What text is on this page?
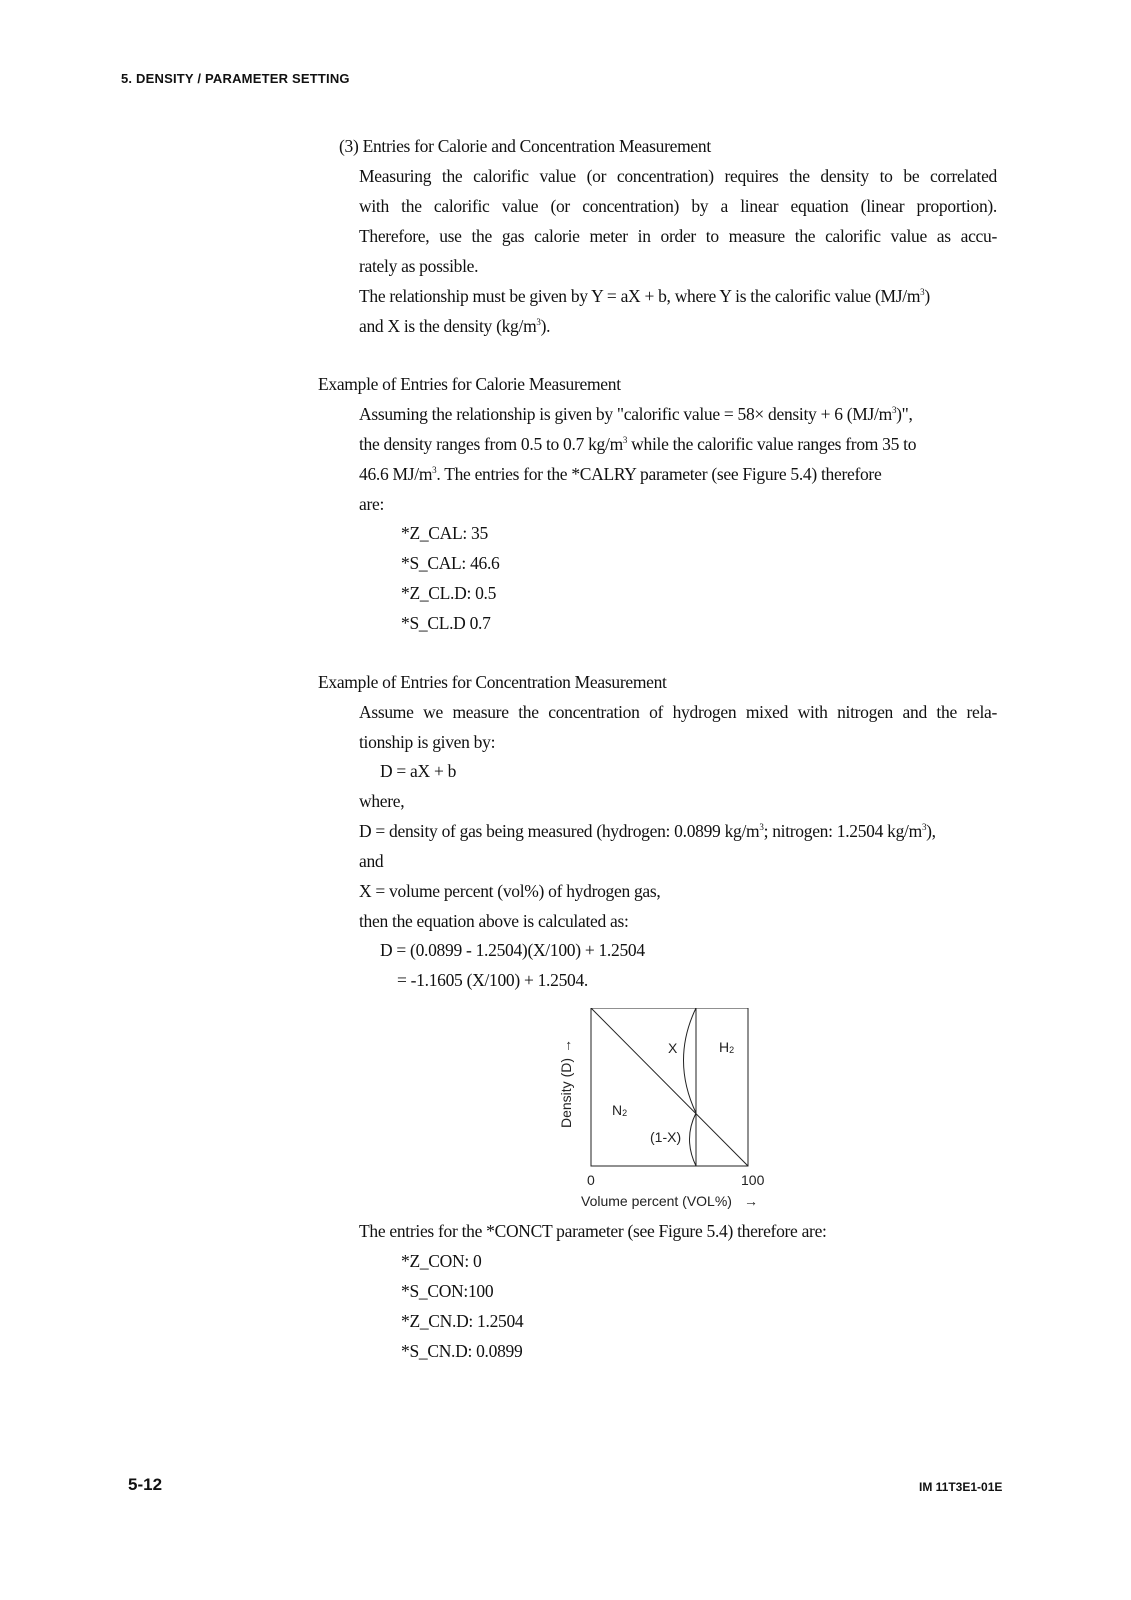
5. DENSITY / PARAMETER SETTING
(3) Entries for Calorie and Concentration Measurement
Measuring the calorific value (or concentration) requires the density to be correlated
with the calorific value (or concentration) by a linear equation (linear proportion).
Therefore, use the gas calorie meter in order to measure the calorific value as accu-
rately as possible.
The relationship must be given by Y = aX + b, where Y is the calorific value $(MJ/m^3)$
and X is the density $(kg/m^3)$.
Example of Entries for Calorie Measurement
Assuming the relationship is given by "calorific value = 58× density + 6 $(MJ/m^3)$",
the density ranges from 0.5 to 0.7 $kg/m^3$ while the calorific value ranges from 35 to
46.6 $MJ/m^3$. The entries for the *CALRY parameter (see Figure 5.4) therefore
are:
*Z_CAL: 35
*S_CAL: 46.6
*Z_CL.D: 0.5
*S_CL.D 0.7
Example of Entries for Concentration Measurement
Assume we measure the concentration of hydrogen mixed with nitrogen and the rela-
tionship is given by:
D = aX + b
where,
D = density of gas being measured (hydrogen: 0.0899 $kg/m^3$; nitrogen: 1.2504 $kg/m^3$),
and
X = volume percent (vol%) of hydrogen gas,
then the equation above is calculated as:
D = (0.0899 - 1.2504)(X/100) + 1.2504
= -1.1605 (X/100) + 1.2504.
The entries for the *CONCT parameter (see Figure 5.4) therefore are:
*Z_CON: 0
*S_CON:100
*Z_CN.D: 1.2504
*S_CN.D: 0.0899
X	H2
N2
(1-X)
Density (D)→
0	100
Volume percent (VOL%) →
5-12	IM 11T3E1-01E
